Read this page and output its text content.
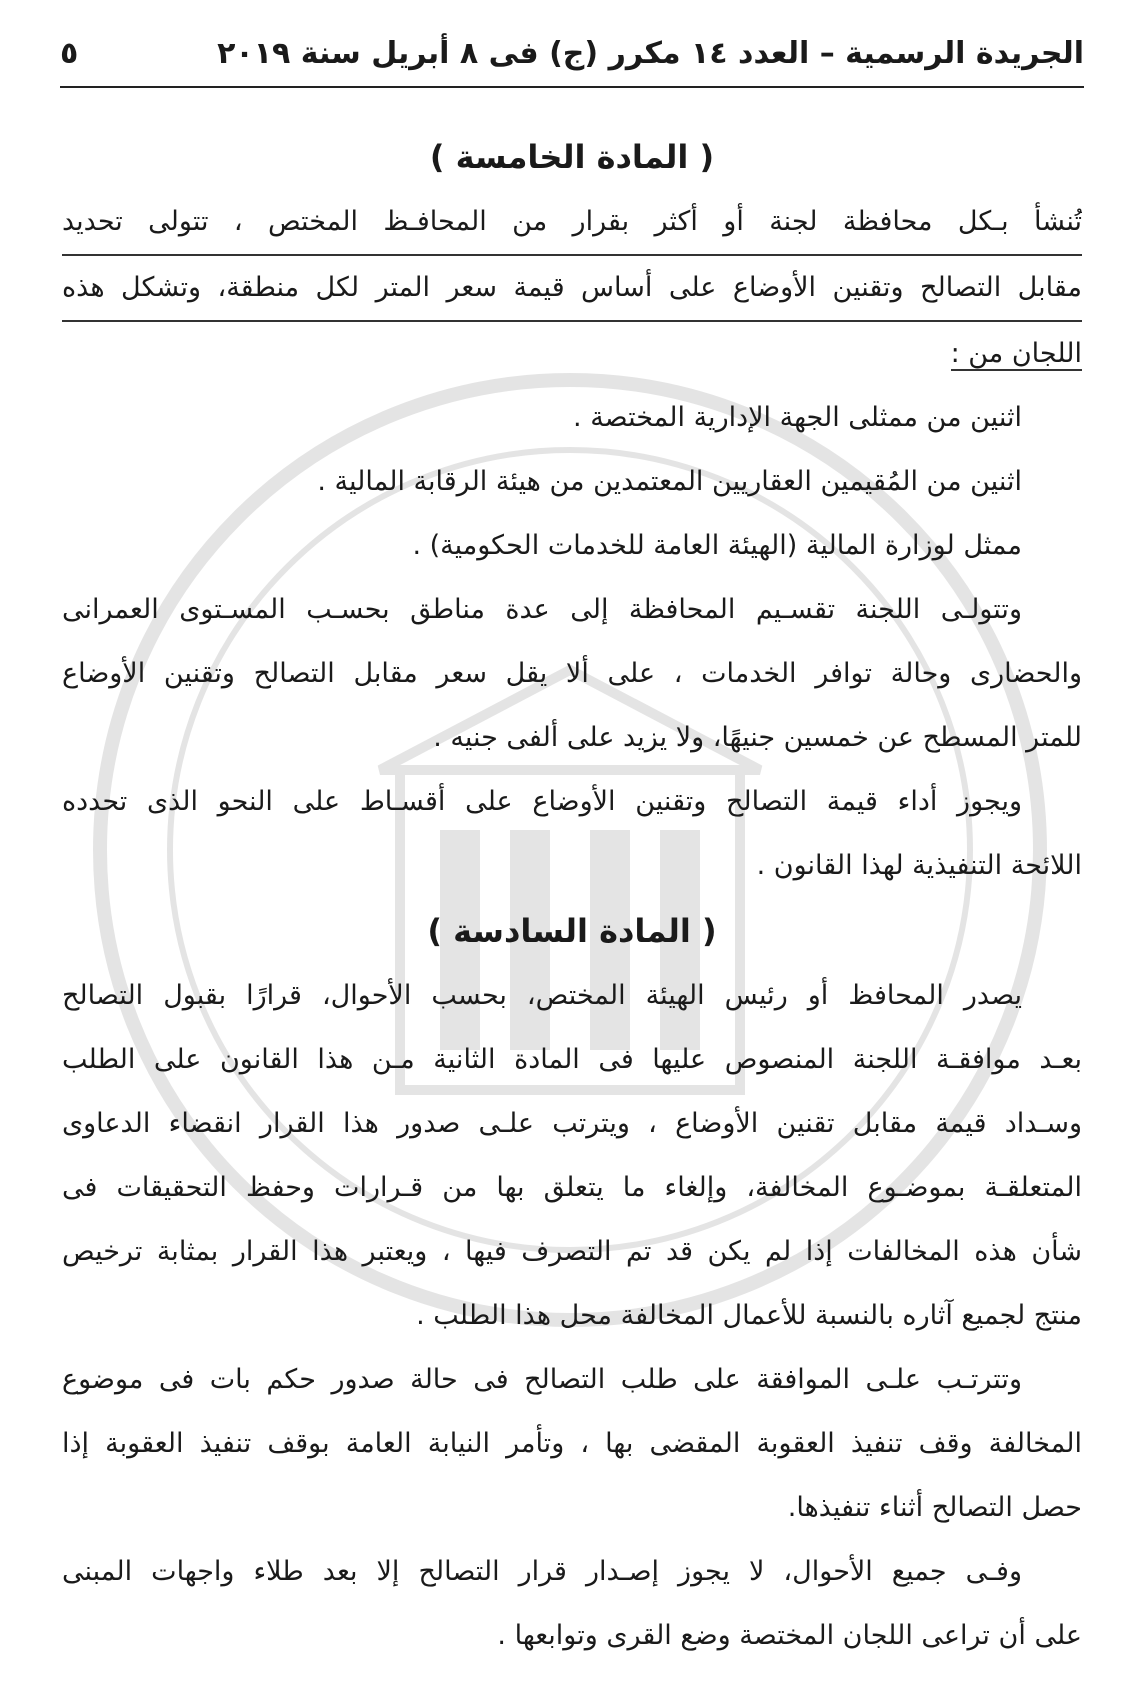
الجريدة الرسمية – العدد ١٤ مكرر (ج) فى ٨ أبريل سنة ٢٠١٩
٥
( المادة الخامسة )
تُنشأ بـكل محافظة لجنة أو أكثر بقرار من المحافـظ المختص ، تتولى تحديد
مقابل التصالح وتقنين الأوضاع على أساس قيمة سعر المتر لكل منطقة، وتشكل هذه
اللجان من :
اثنين من ممثلى الجهة الإدارية المختصة .
اثنين من المُقيمين العقاريين المعتمدين من هيئة الرقابة المالية .
ممثل لوزارة المالية (الهيئة العامة للخدمات الحكومية) .
وتتولـى اللجنة تقسـيم المحافظة إلى عدة مناطق بحسـب المسـتوى العمرانى
والحضارى وحالة توافر الخدمات ، على ألا يقل سعر مقابل التصالح وتقنين الأوضاع
للمتر المسطح عن خمسين جنيهًا، ولا يزيد على ألفى جنيه .
ويجوز أداء قيمة التصالح وتقنين الأوضاع على أقسـاط على النحو الذى تحدده
اللائحة التنفيذية لهذا القانون .
( المادة السادسة )
يصدر المحافظ أو رئيس الهيئة المختص، بحسب الأحوال، قرارًا بقبول التصالح
بعـد موافقـة اللجنة المنصوص عليها فى المادة الثانية مـن هذا القانون على الطلب
وسـداد قيمة مقابل تقنين الأوضاع ، ويترتب علـى صدور هذا القرار انقضاء الدعاوى
المتعلقـة بموضـوع المخالفة، وإلغاء ما يتعلق بها من قـرارات وحفظ التحقيقات فى
شأن هذه المخالفات إذا لم يكن قد تم التصرف فيها ، ويعتبر هذا القرار بمثابة ترخيص
منتج لجميع آثاره بالنسبة للأعمال المخالفة محل هذا الطلب .
وتترتـب علـى الموافقة على طلب التصالح فى حالة صدور حكم بات فى موضوع
المخالفة وقف تنفيذ العقوبة المقضى بها ، وتأمر النيابة العامة بوقف تنفيذ العقوبة إذا
حصل التصالح أثناء تنفيذها.
وفـى جميع الأحوال، لا يجوز إصـدار قرار التصالح إلا بعد طلاء واجهات المبنى
على أن تراعى اللجان المختصة وضع القرى وتوابعها .
